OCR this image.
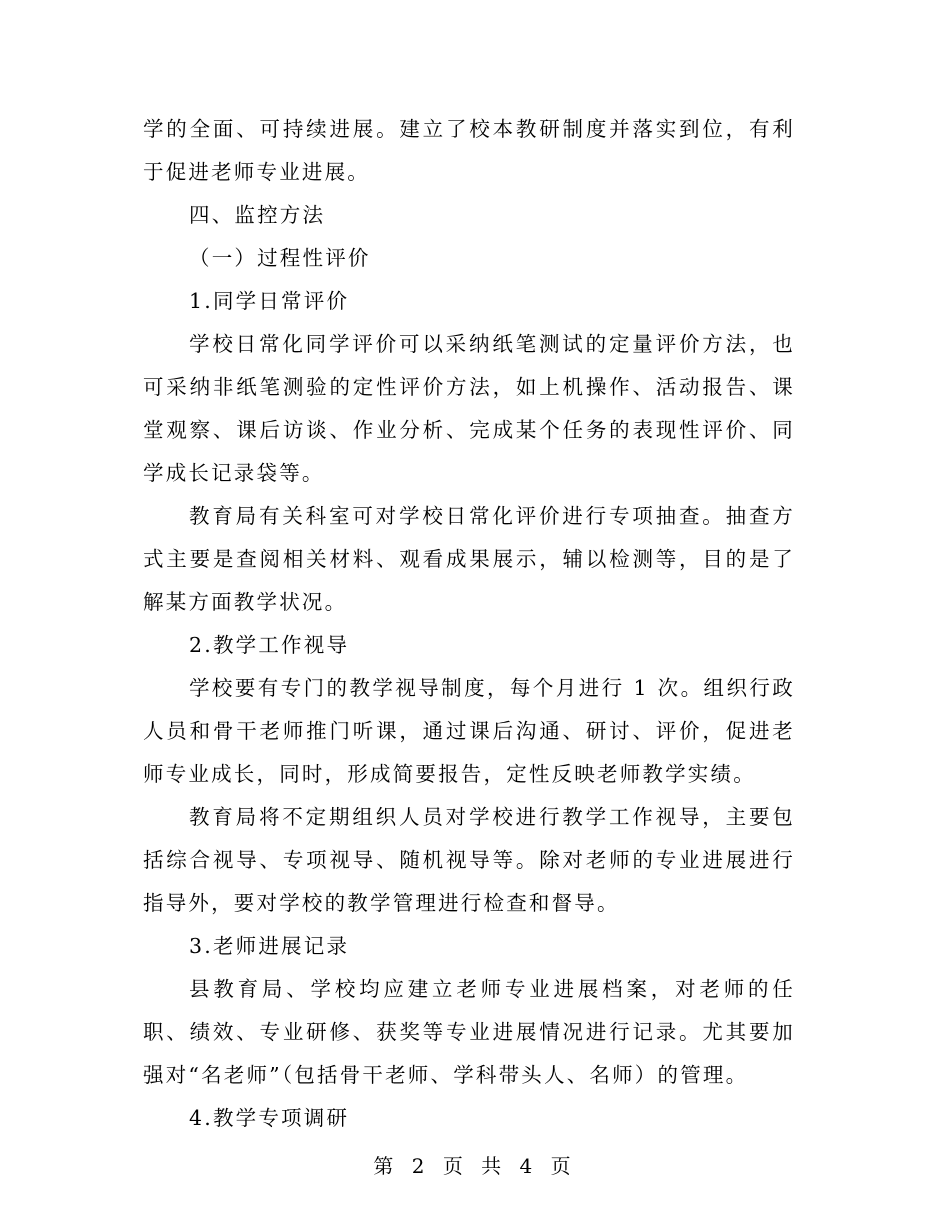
学的全面、可持续进展。建立了校本教研制度并落实到位，有利于促进老师专业进展。

四、监控方法

（一）过程性评价

1.同学日常评价

学校日常化同学评价可以采纳纸笔测试的定量评价方法，也可采纳非纸笔测验的定性评价方法，如上机操作、活动报告、课堂观察、课后访谈、作业分析、完成某个任务的表现性评价、同学成长记录袋等。

教育局有关科室可对学校日常化评价进行专项抽查。抽查方式主要是查阅相关材料、观看成果展示，辅以检测等，目的是了解某方面教学状况。

2.教学工作视导

学校要有专门的教学视导制度，每个月进行 1 次。组织行政人员和骨干老师推门听课，通过课后沟通、研讨、评价，促进老师专业成长，同时，形成简要报告，定性反映老师教学实绩。

教育局将不定期组织人员对学校进行教学工作视导，主要包括综合视导、专项视导、随机视导等。除对老师的专业进展进行指导外，要对学校的教学管理进行检查和督导。

3.老师进展记录

县教育局、学校均应建立老师专业进展档案，对老师的任职、绩效、专业研修、获奖等专业进展情况进行记录。尤其要加强对“名老师”（包括骨干老师、学科带头人、名师）的管理。

4.教学专项调研

第 2 页 共 4 页
